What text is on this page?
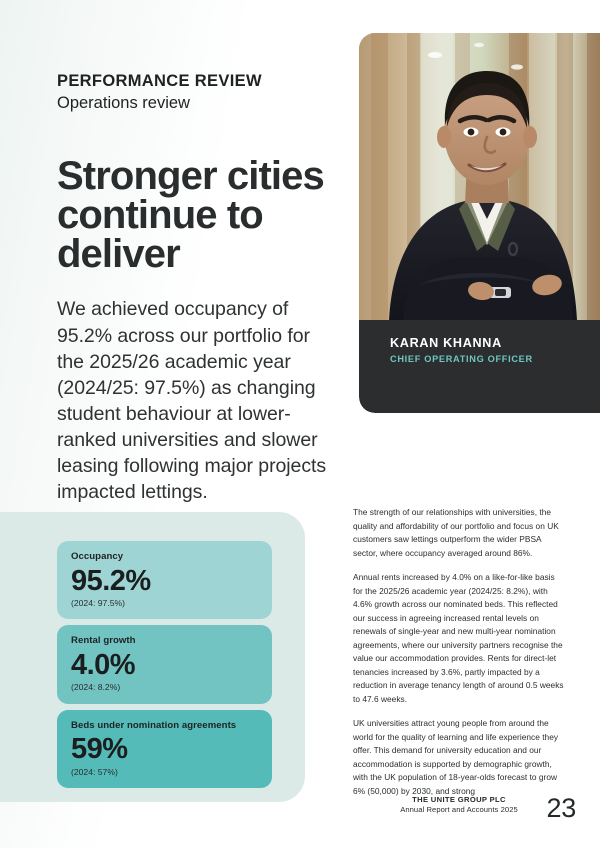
PERFORMANCE REVIEW
Operations review
Stronger cities continue to deliver

We achieved occupancy of 95.2% across our portfolio for the 2025/26 academic year (2024/25: 97.5%) as changing student behaviour at lower-ranked universities and slower leasing following major projects impacted lettings.

KARAN KHANNA
CHIEF OPERATING OFFICER
Occupancy
95.2%
(2024: 97.5%)
Rental growth
4.0%
(2024: 8.2%)
Beds under nomination agreements
59%
(2024: 57%)

The strength of our relationships with universities, the quality and affordability of our portfolio and focus on UK customers saw lettings outperform the wider PBSA sector, where occupancy averaged around 86%.

Annual rents increased by 4.0% on a like-for-like basis for the 2025/26 academic year (2024/25: 8.2%), with 4.6% growth across our nominated beds. This reflected our success in agreeing increased rental levels on renewals of single-year and new multi-year nomination agreements, where our university partners recognise the value our accommodation provides. Rents for direct-let tenancies increased by 3.6%, partly impacted by a reduction in average tenancy length of around 0.5 weeks to 47.6 weeks.

UK universities attract young people from around the world for the quality of learning and life experience they offer. This demand for university education and our accommodation is supported by demographic growth, with the UK population of 18-year-olds forecast to grow 6% (50,000) by 2030, and strong

THE UNITE GROUP PLC
Annual Report and Accounts 2025	23
